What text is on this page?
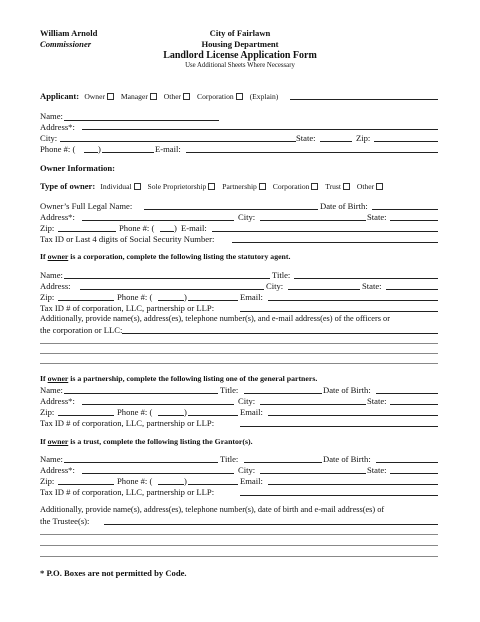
William Arnold
Commissioner
City of Fairlawn
Housing Department
Landlord License Application Form
Use Additional Sheets Where Necessary
Applicant: Owner Manager Other Corporation (Explain)
Name:
Address*:
City:	State:	Zip:
Phone #: (	)	E-mail:
Owner Information:
Type of owner: Individual Sole Proprietorship Partnership Corporation Trust Other
Owner’s Full Legal Name:	Date of Birth:
Address*:	City:	State:
Zip:	Phone #: ( ) E-mail:
Tax ID or Last 4 digits of Social Security Number:
If owner is a corporation, complete the following listing the statutory agent.
Name:	Title:
Address:	City:	State:
Zip:	Phone #: (	)	Email:
Tax ID # of corporation, LLC, partnership or LLP:
Additionally, provide name(s), address(es), telephone number(s), and e-mail address(es) of the officers or
the corporation or LLC:
If owner is a partnership, complete the following listing one of the general partners.
Name:	Title:	Date of Birth:
Address*:	City:	State:
Zip:	Phone #: (	)	Email:
Tax ID # of corporation, LLC, partnership or LLP:
If owner is a trust, complete the following listing the Grantor(s).
Name:	Title:	Date of Birth:
Address*:	City:	State:
Zip:	Phone #: (	)	Email:
Tax ID # of corporation, LLC, partnership or LLP:
Additionally, provide name(s), address(es), telephone number(s), date of birth and e-mail address(es) of
the Trustee(s):
* P.O. Boxes are not permitted by Code.
